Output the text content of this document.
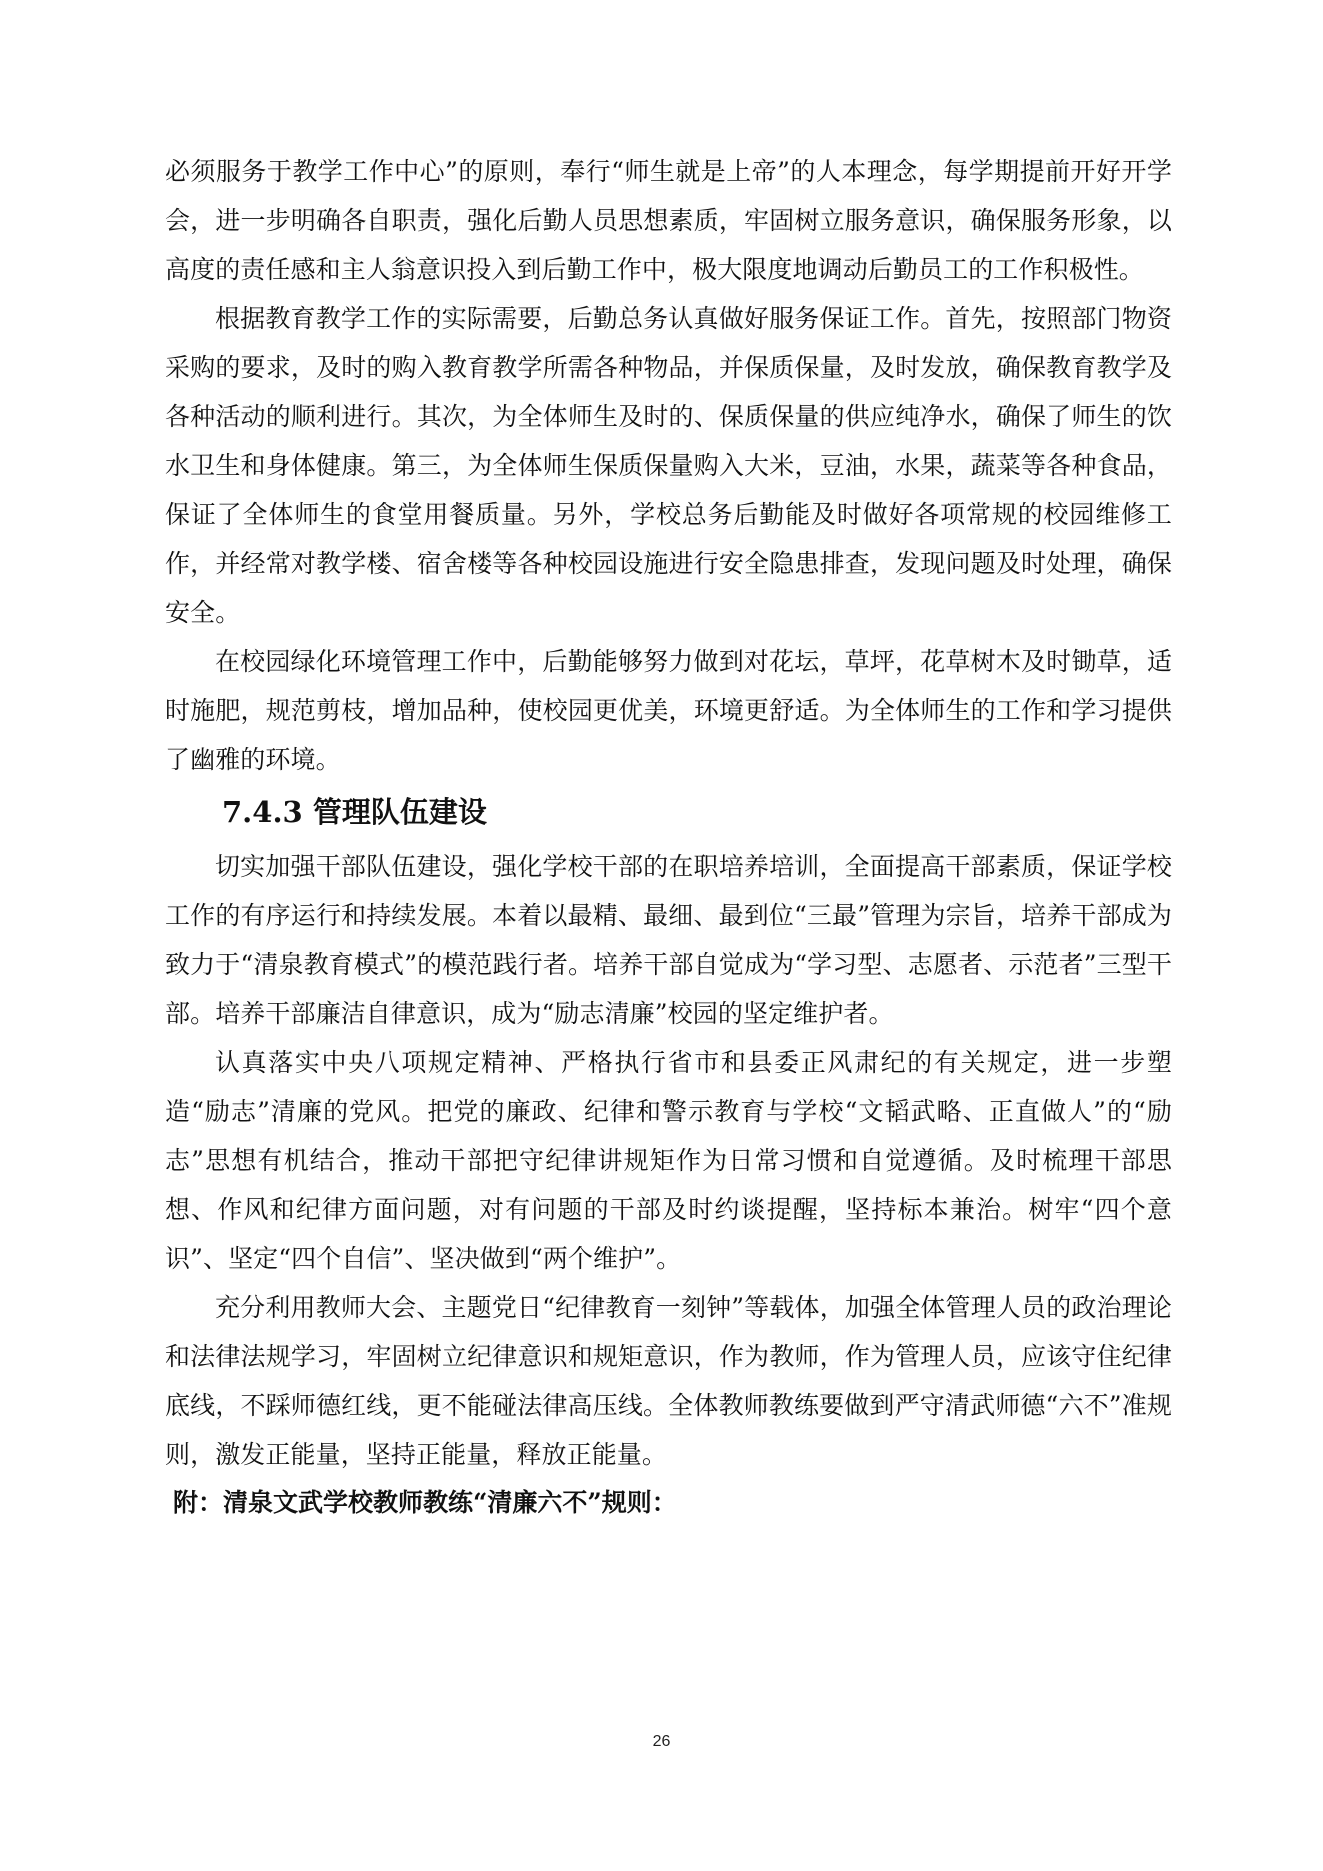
必须服务于教学工作中心”的原则，奉行“师生就是上帝”的人本理念，每学期提前开好开学会，进一步明确各自职责，强化后勤人员思想素质，牢固树立服务意识，确保服务形象，以高度的责任感和主人翁意识投入到后勤工作中，极大限度地调动后勤员工的工作积极性。

根据教育教学工作的实际需要，后勤总务认真做好服务保证工作。首先，按照部门物资采购的要求，及时的购入教育教学所需各种物品，并保质保量，及时发放，确保教育教学及各种活动的顺利进行。其次，为全体师生及时的、保质保量的供应纯净水，确保了师生的饮水卫生和身体健康。第三，为全体师生保质保量购入大米，豆油，水果，蔬菜等各种食品，保证了全体师生的食堂用餐质量。另外，学校总务后勤能及时做好各项常规的校园维修工作，并经常对教学楼、宿舍楼等各种校园设施进行安全隐患排查，发现问题及时处理，确保安全。

在校园绿化环境管理工作中，后勤能够努力做到对花坛，草坪，花草树木及时锄草，适时施肥，规范剪枝，增加品种，使校园更优美，环境更舒适。为全体师生的工作和学习提供了幽雅的环境。

7.4.3 管理队伍建设

切实加强干部队伍建设，强化学校干部的在职培养培训，全面提高干部素质，保证学校工作的有序运行和持续发展。本着以最精、最细、最到位“三最”管理为宗旨，培养干部成为致力于“清泉教育模式”的模范践行者。培养干部自觉成为“学习型、志愿者、示范者”三型干部。培养干部廉洁自律意识，成为“励志清廉”校园的坚定维护者。

认真落实中央八项规定精神、严格执行省市和县委正风肃纪的有关规定，进一步塑造“励志”清廉的党风。把党的廉政、纪律和警示教育与学校“文韬武略、正直做人”的“励志”思想有机结合，推动干部把守纪律讲规矩作为日常习惯和自觉遵循。及时梳理干部思想、作风和纪律方面问题，对有问题的干部及时约谈提醒，坚持标本兼治。树牢“四个意识”、坚定“四个自信”、坚决做到“两个维护”。

充分利用教师大会、主题党日“纪律教育一刻钟”等载体，加强全体管理人员的政治理论和法律法规学习，牢固树立纪律意识和规矩意识，作为教师，作为管理人员，应该守住纪律底线，不踩师德红线，更不能碰法律高压线。全体教师教练要做到严守清武师德“六不”准规则，激发正能量，坚持正能量，释放正能量。

附：清泉文武学校教师教练“清廉六不”规则：

26
